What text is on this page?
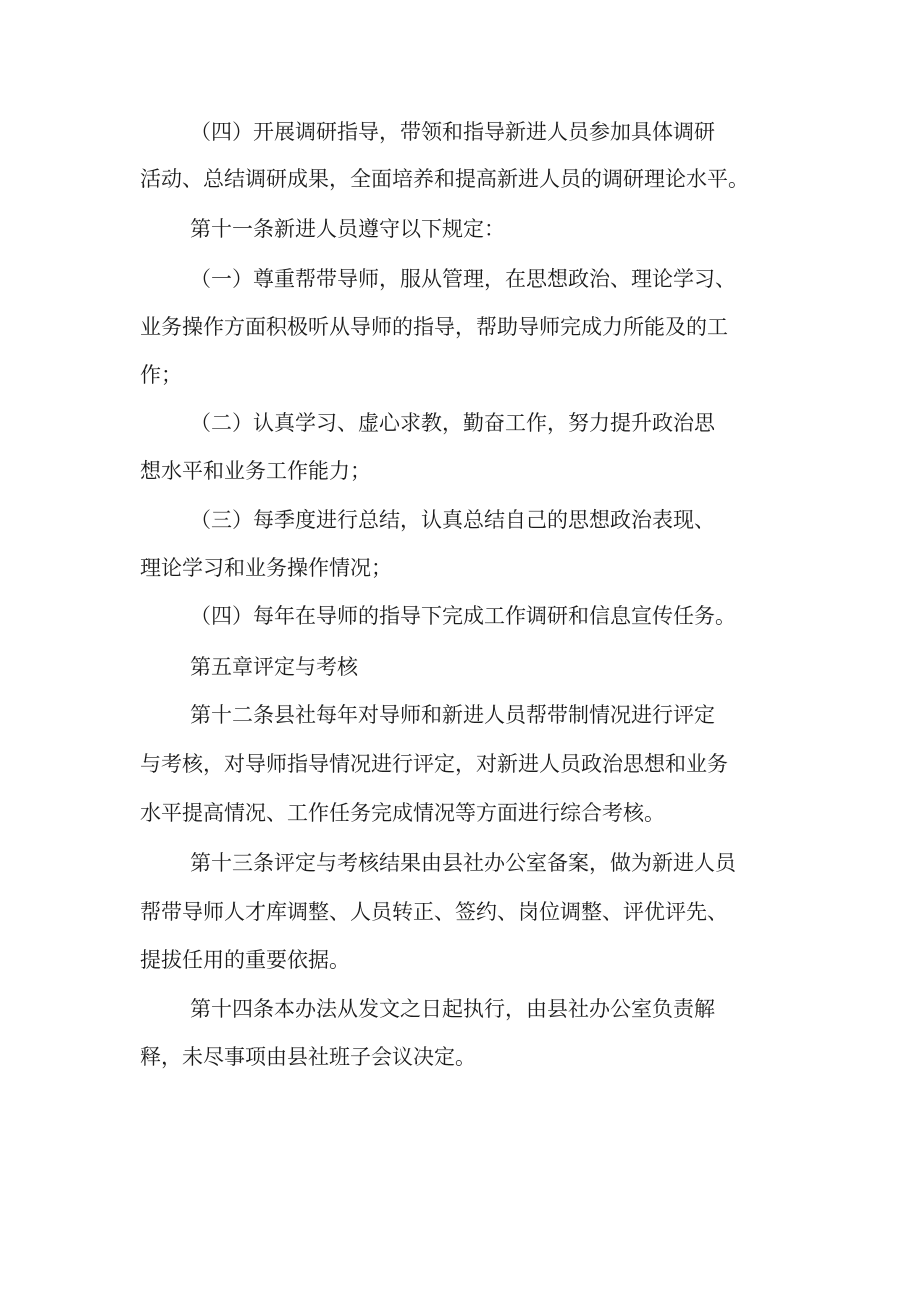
（四）开展调研指导，带领和指导新进人员参加具体调研

活动、总结调研成果，全面培养和提高新进人员的调研理论水平。

第十一条新进人员遵守以下规定：

（一）尊重帮带导师，服从管理，在思想政治、理论学习、

业务操作方面积极听从导师的指导，帮助导师完成力所能及的工

作；

（二）认真学习、虚心求教，勤奋工作，努力提升政治思

想水平和业务工作能力；

（三）每季度进行总结，认真总结自己的思想政治表现、

理论学习和业务操作情况；

（四）每年在导师的指导下完成工作调研和信息宣传任务。

第五章评定与考核

第十二条县社每年对导师和新进人员帮带制情况进行评定

与考核，对导师指导情况进行评定，对新进人员政治思想和业务

水平提高情况、工作任务完成情况等方面进行综合考核。

第十三条评定与考核结果由县社办公室备案，做为新进人员

帮带导师人才库调整、人员转正、签约、岗位调整、评优评先、

提拔任用的重要依据。

第十四条本办法从发文之日起执行，由县社办公室负责解

释，未尽事项由县社班子会议决定。
